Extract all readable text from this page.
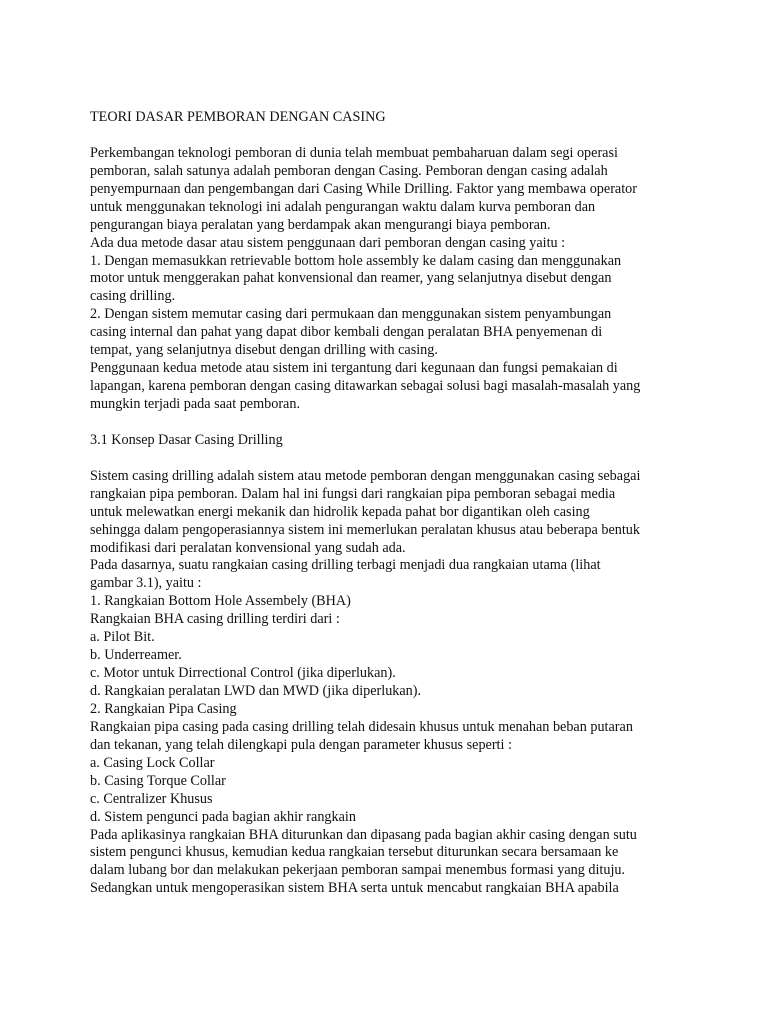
TEORI DASAR PEMBORAN DENGAN CASING
Perkembangan teknologi pemboran di dunia telah membuat pembaharuan dalam segi operasi
pemboran, salah satunya adalah pemboran dengan Casing. Pemboran dengan casing adalah
penyempurnaan dan pengembangan dari Casing While Drilling. Faktor yang membawa operator
untuk menggunakan teknologi ini adalah pengurangan waktu dalam kurva pemboran dan
pengurangan biaya peralatan yang berdampak akan mengurangi biaya pemboran.
Ada dua metode dasar atau sistem penggunaan dari pemboran dengan casing yaitu :
1. Dengan memasukkan retrievable bottom hole assembly ke dalam casing dan menggunakan
motor untuk menggerakan pahat konvensional dan reamer, yang selanjutnya disebut dengan
casing drilling.
2. Dengan sistem memutar casing dari permukaan dan menggunakan sistem penyambungan
casing internal dan pahat yang dapat dibor kembali dengan peralatan BHA penyemenan di
tempat, yang selanjutnya disebut dengan drilling with casing.
Penggunaan kedua metode atau sistem ini tergantung dari kegunaan dan fungsi pemakaian di
lapangan, karena pemboran dengan casing ditawarkan sebagai solusi bagi masalah-masalah yang
mungkin terjadi pada saat pemboran.
3.1 Konsep Dasar Casing Drilling
Sistem casing drilling adalah sistem atau metode pemboran dengan menggunakan casing sebagai
rangkaian pipa pemboran. Dalam hal ini fungsi dari rangkaian pipa pemboran sebagai media
untuk melewatkan energi mekanik dan hidrolik kepada pahat bor digantikan oleh casing
sehingga dalam pengoperasiannya sistem ini memerlukan peralatan khusus atau beberapa bentuk
modifikasi dari peralatan konvensional yang sudah ada.
Pada dasarnya, suatu rangkaian casing drilling terbagi menjadi dua rangkaian utama (lihat
gambar 3.1), yaitu :
1. Rangkaian Bottom Hole Assembely (BHA)
Rangkaian BHA casing drilling terdiri dari :
a. Pilot Bit.
b. Underreamer.
c. Motor untuk Dirrectional Control (jika diperlukan).
d. Rangkaian peralatan LWD dan MWD (jika diperlukan).
2. Rangkaian Pipa Casing
Rangkaian pipa casing pada casing drilling telah didesain khusus untuk menahan beban putaran
dan tekanan, yang telah dilengkapi pula dengan parameter khusus seperti :
a. Casing Lock Collar
b. Casing Torque Collar
c. Centralizer Khusus
d. Sistem pengunci pada bagian akhir rangkain
Pada aplikasinya rangkaian BHA diturunkan dan dipasang pada bagian akhir casing dengan sutu
sistem pengunci khusus, kemudian kedua rangkaian tersebut diturunkan secara bersamaan ke
dalam lubang bor dan melakukan pekerjaan pemboran sampai menembus formasi yang dituju.
Sedangkan untuk mengoperasikan sistem BHA serta untuk mencabut rangkaian BHA apabila
